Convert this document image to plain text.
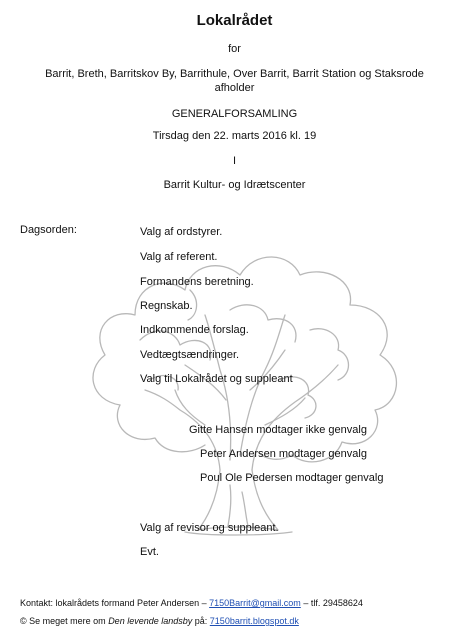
Lokalrådet
for
Barrit, Breth, Barritskov By, Barrithule, Over Barrit, Barrit Station og Staksrode
afholder
GENERALFORSAMLING
Tirsdag den 22. marts 2016 kl. 19
I
Barrit Kultur- og Idrætscenter
Dagsorden:	Valg af ordstyrer.
Valg af referent.
Formandens beretning.
Regnskab.
Indkommende forslag.
Vedtægtsændringer.
Valg til Lokalrådet og suppleant
Gitte Hansen modtager ikke genvalg
Peter Andersen modtager genvalg
Poul Ole Pedersen modtager genvalg
Valg af revisor og suppleant.
Evt.
Kontakt: lokalrådets formand Peter Andersen – 7150Barrit@gmail.com – tlf. 29458624
© Se meget mere om Den levende landsby på: 7150barrit.blogspot.dk
